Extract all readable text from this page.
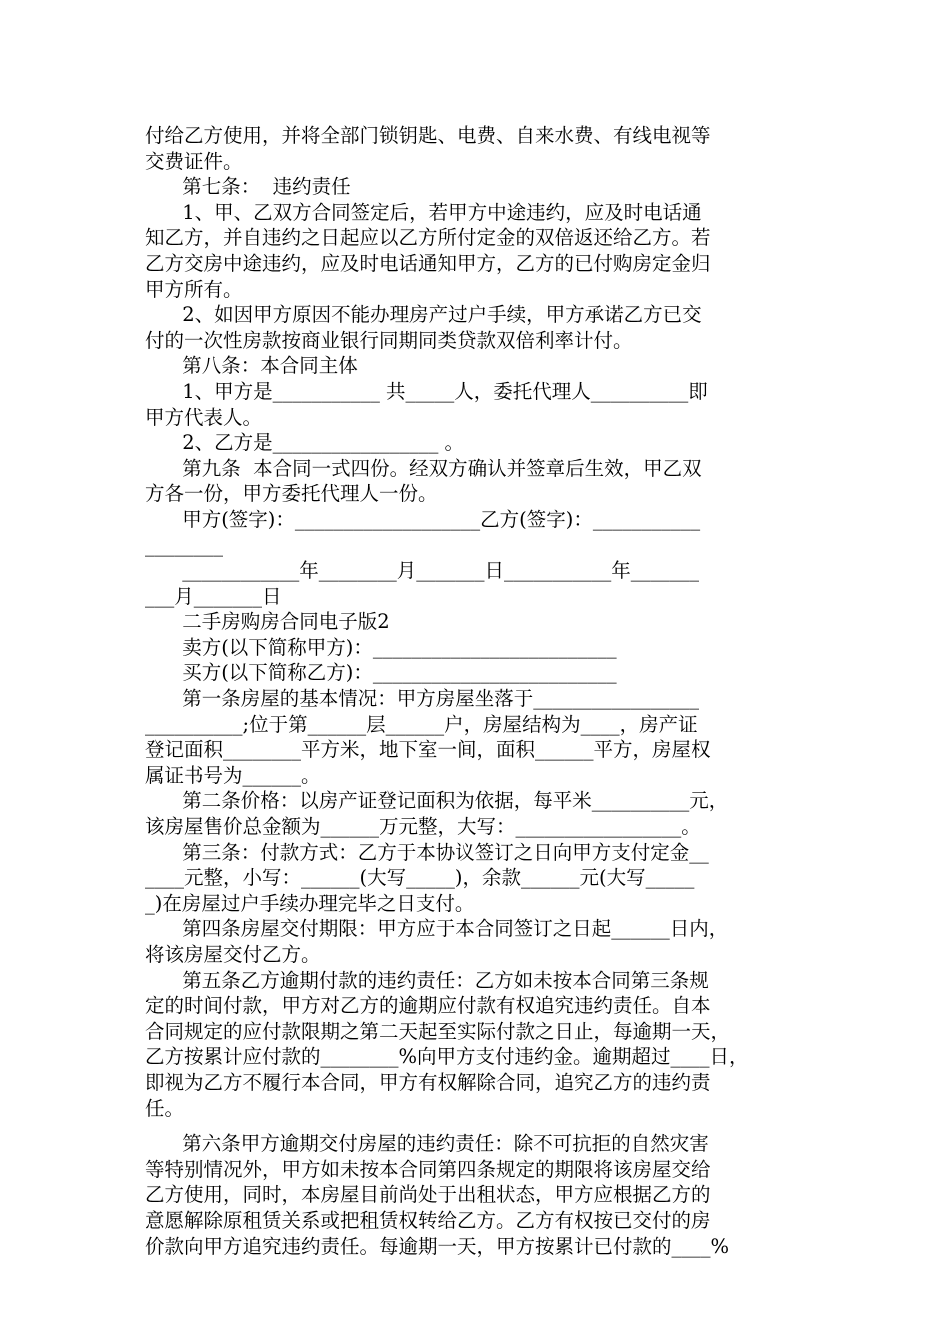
付给乙方使用，并将全部门锁钥匙、电费、自来水费、有线电视等
交费证件。
第七条：  违约责任
1、甲、乙双方合同签定后，若甲方中途违约，应及时电话通
知乙方，并自违约之日起应以乙方所付定金的双倍返还给乙方。若
乙方交房中途违约，应及时电话通知甲方，乙方的已付购房定金归
甲方所有。
2、如因甲方原因不能办理房产过户手续，甲方承诺乙方已交
付的一次性房款按商业银行同期同类贷款双倍利率计付。
第八条：本合同主体
1、甲方是___________ 共_____人，委托代理人__________即
甲方代表人。
2、乙方是_________________ 。
第九条  本合同一式四份。经双方确认并签章后生效，甲乙双
方各一份，甲方委托代理人一份。
甲方(签字)：___________________乙方(签字)：___________
________
____________年________月_______日___________年_______
___月_______日
二手房购房合同电子版2
卖方(以下简称甲方)：_________________________
买方(以下简称乙方)：_________________________
第一条房屋的基本情况：甲方房屋坐落于_________________
__________;位于第______层______户，房屋结构为____，房产证
登记面积________平方米，地下室一间，面积______平方，房屋权
属证书号为______。
第二条价格：以房产证登记面积为依据，每平米__________元，
该房屋售价总金额为______万元整，大写：_________________。
第三条：付款方式：乙方于本协议签订之日向甲方支付定金__
____元整，小写：______(大写_____)，余款______元(大写_____
_)在房屋过户手续办理完毕之日支付。
第四条房屋交付期限：甲方应于本合同签订之日起______日内，
将该房屋交付乙方。
第五条乙方逾期付款的违约责任：乙方如未按本合同第三条规
定的时间付款，甲方对乙方的逾期应付款有权追究违约责任。自本
合同规定的应付款限期之第二天起至实际付款之日止，每逾期一天，
乙方按累计应付款的________%向甲方支付违约金。逾期超过____日，
即视为乙方不履行本合同，甲方有权解除合同，追究乙方的违约责
任。
第六条甲方逾期交付房屋的违约责任：除不可抗拒的自然灾害
等特别情况外，甲方如未按本合同第四条规定的期限将该房屋交给
乙方使用，同时，本房屋目前尚处于出租状态，甲方应根据乙方的
意愿解除原租赁关系或把租赁权转给乙方。乙方有权按已交付的房
价款向甲方追究违约责任。每逾期一天，甲方按累计已付款的____%
